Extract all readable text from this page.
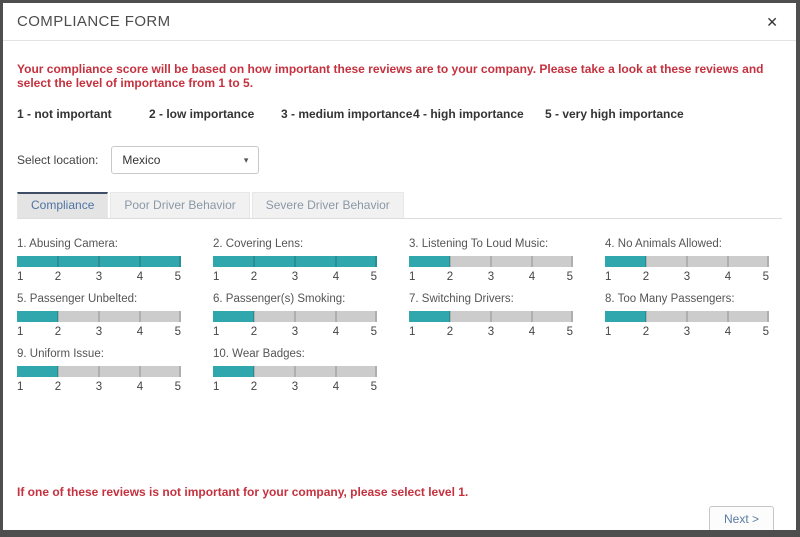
COMPLIANCE FORM	✕

Your compliance score will be based on how important these reviews are to your company. Please take a look at these reviews and select the level of importance from 1 to 5.

1 - not important	2 - low importance	3 - medium importance 4 - high importance	5 - very high importance
Select location: Mexico	▾
Compliance	Poor Driver Behavior	Severe Driver Behavior
1. Abusing Camera:
1	2	3	4	5
2. Covering Lens:
1	2	3	4	5
3. Listening To Loud Music:
1	2	3	4	5
4. No Animals Allowed:
1	2	3	4	5
5. Passenger Unbelted:
1	2	3	4	5
6. Passenger(s) Smoking:
1	2	3	4	5
7. Switching Drivers:
1	2	3	4	5
8. Too Many Passengers:
1	2	3	4	5
9. Uniform Issue:
1	2	3	4	5
10. Wear Badges:
1	2	3	4	5

If one of these reviews is not important for your company, please select level 1.

Next >
